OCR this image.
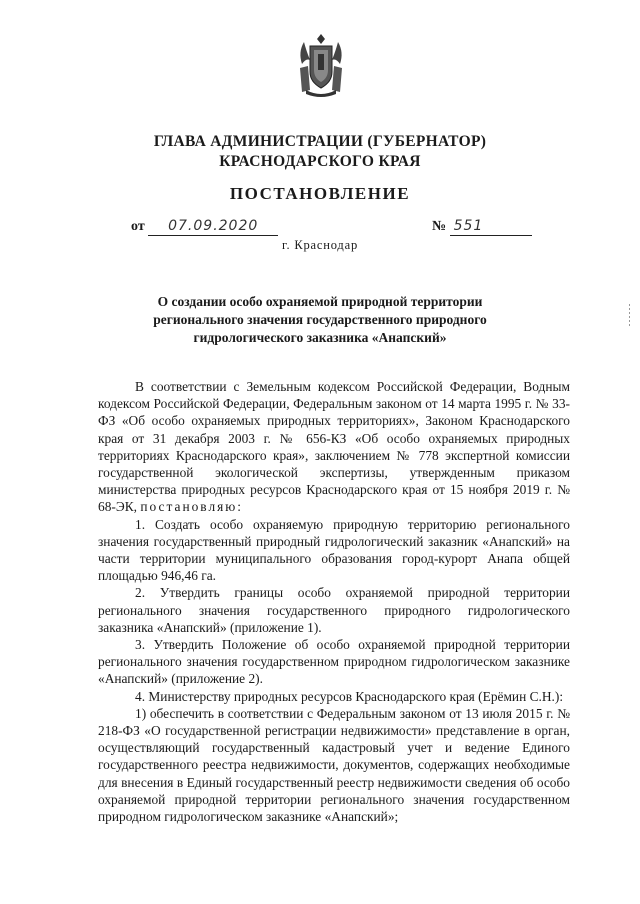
ГЛАВА АДМИНИСТРАЦИИ (ГУБЕРНАТОР)
КРАСНОДАРСКОГО КРАЯ
ПОСТАНОВЛЕНИЕ
от 07.09.2020	№ 551
г. Краснодар
О создании особо охраняемой природной территории
регионального значения государственного природного
гидрологического заказника «Анапский»

В соответствии с Земельным кодексом Российской Федерации, Водным кодексом Российской Федерации, Федеральным законом от 14 марта 1995 г. № 33-ФЗ «Об особо охраняемых природных территориях», Законом Краснодарского края от 31 декабря 2003 г. № 656-КЗ «Об особо охраняемых природных территориях Краснодарского края», заключением № 778 экспертной комиссии государственной экологической экспертизы, утвержденным приказом министерства природных ресурсов Краснодарского края от 15 ноября 2019 г. № 68-ЭК, постановляю:

1. Создать особо охраняемую природную территорию регионального значения государственный природный гидрологический заказник «Анапский» на части территории муниципального образования город-курорт Анапа общей площадью 946,46 га.

2. Утвердить границы особо охраняемой природной территории регионального значения государственного природного гидрологического заказника «Анапский» (приложение 1).

3. Утвердить Положение об особо охраняемой природной территории регионального значения государственном природном гидрологическом заказнике «Анапский» (приложение 2).

4. Министерству природных ресурсов Краснодарского края (Ерёмин С.Н.):

1) обеспечить в соответствии с Федеральным законом от 13 июля 2015 г. № 218-ФЗ «О государственной регистрации недвижимости» представление в орган, осуществляющий государственный кадастровый учет и ведение Единого государственного реестра недвижимости, документов, содержащих необходимые для внесения в Единый государственный реестр недвижимости сведения об особо охраняемой природной территории регионального значения государственном природном гидрологическом заказнике «Анапский»;
